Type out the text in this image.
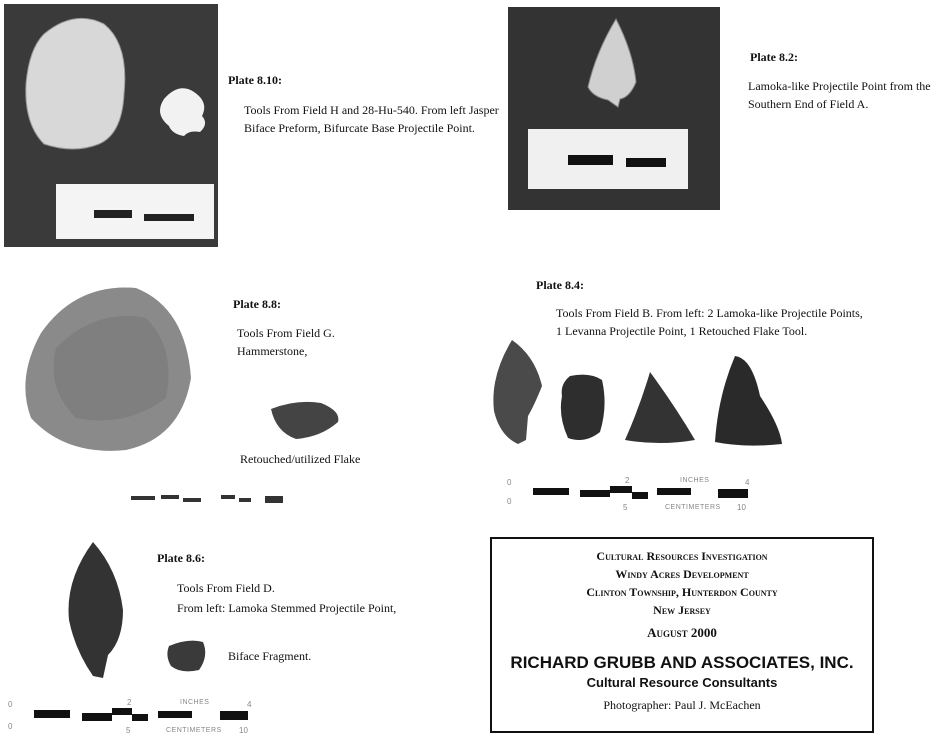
Plate 8.10:
Tools From Field H and 28-Hu-540. From left Jasper Biface Preform, Bifurcate Base Projectile Point.
Plate 8.2:
Lamoka-like Projectile Point from the Southern End of Field A.
Plate 8.8:
Tools From Field G.
Hammerstone,
Retouched/utilized Flake
Plate 8.4:
Tools From Field B. From left: 2 Lamoka-like Projectile Points,
1 Levanna Projectile Point, 1 Retouched Flake Tool.
0	2	INCHES	4
0
5	CENTIMETERS 10
Plate 8.6:
Tools From Field D.
From left: Lamoka Stemmed Projectile Point,
Biface Fragment.
0	2	INCHES	4
0	5	CENTIMETERS 10
Cultural Resources Investigation
Windy Acres Development
Clinton Township, Hunterdon County
New Jersey
August 2000
RICHARD GRUBB AND ASSOCIATES, INC.
Cultural Resource Consultants
Photographer: Paul J. McEachen
